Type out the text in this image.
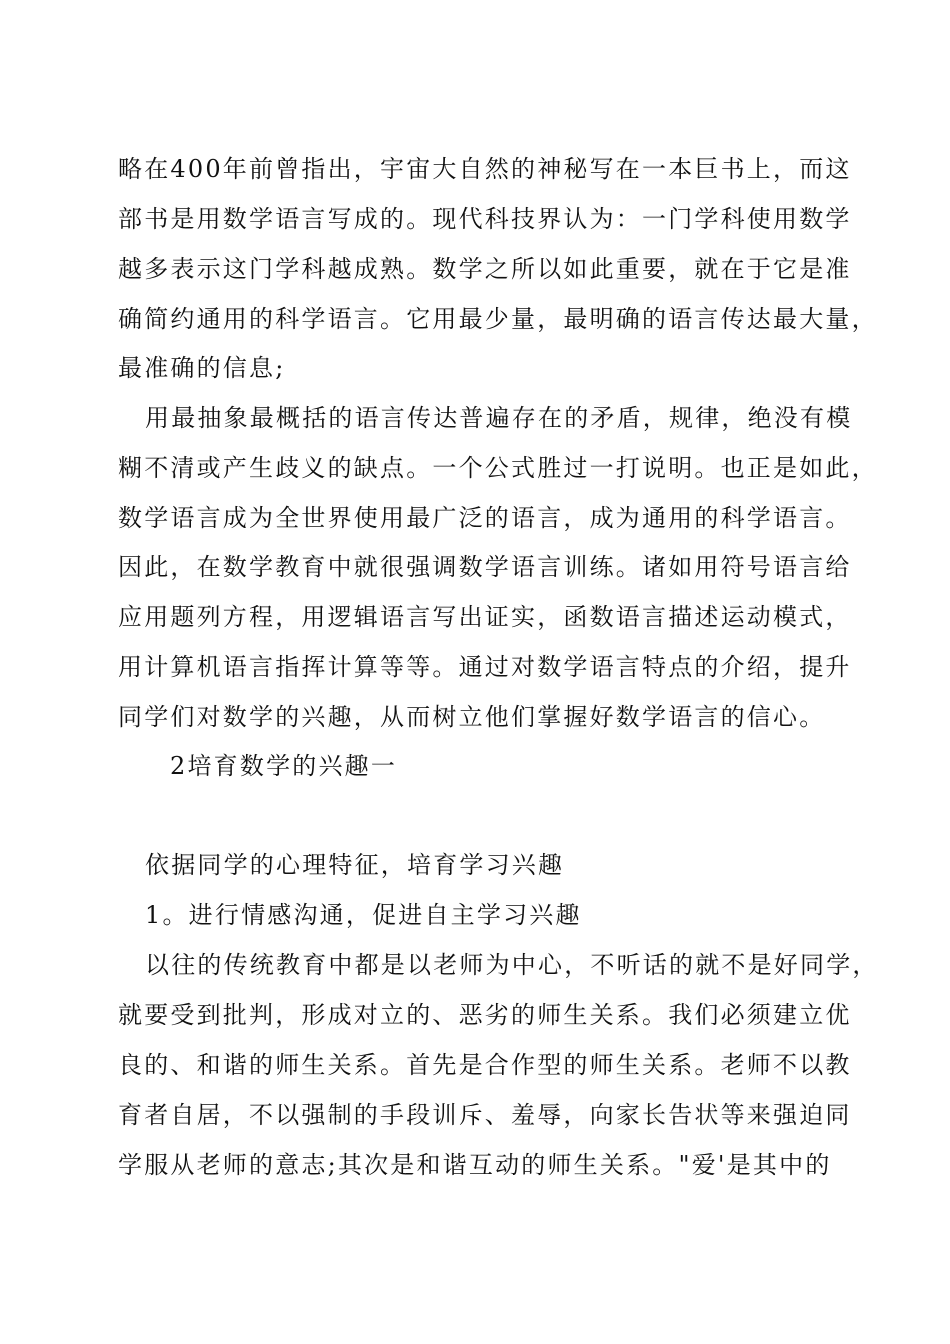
略在400年前曾指出，宇宙大自然的神秘写在一本巨书上，而这
部书是用数学语言写成的。现代科技界认为：一门学科使用数学
越多表示这门学科越成熟。数学之所以如此重要，就在于它是准
确简约通用的科学语言。它用最少量，最明确的语言传达最大量，
最准确的信息;
用最抽象最概括的语言传达普遍存在的矛盾，规律，绝没有模
糊不清或产生歧义的缺点。一个公式胜过一打说明。也正是如此，
数学语言成为全世界使用最广泛的语言，成为通用的科学语言。
因此，在数学教育中就很强调数学语言训练。诸如用符号语言给
应用题列方程，用逻辑语言写出证实，函数语言描述运动模式，
用计算机语言指挥计算等等。通过对数学语言特点的介绍，提升
同学们对数学的兴趣，从而树立他们掌握好数学语言的信心。
2培育数学的兴趣一
依据同学的心理特征，培育学习兴趣
1。进行情感沟通，促进自主学习兴趣
以往的传统教育中都是以老师为中心，不听话的就不是好同学，
就要受到批判，形成对立的、恶劣的师生关系。我们必须建立优
良的、和谐的师生关系。首先是合作型的师生关系。老师不以教
育者自居，不以强制的手段训斥、羞辱，向家长告状等来强迫同
学服从老师的意志;其次是和谐互动的师生关系。"爱'是其中的
